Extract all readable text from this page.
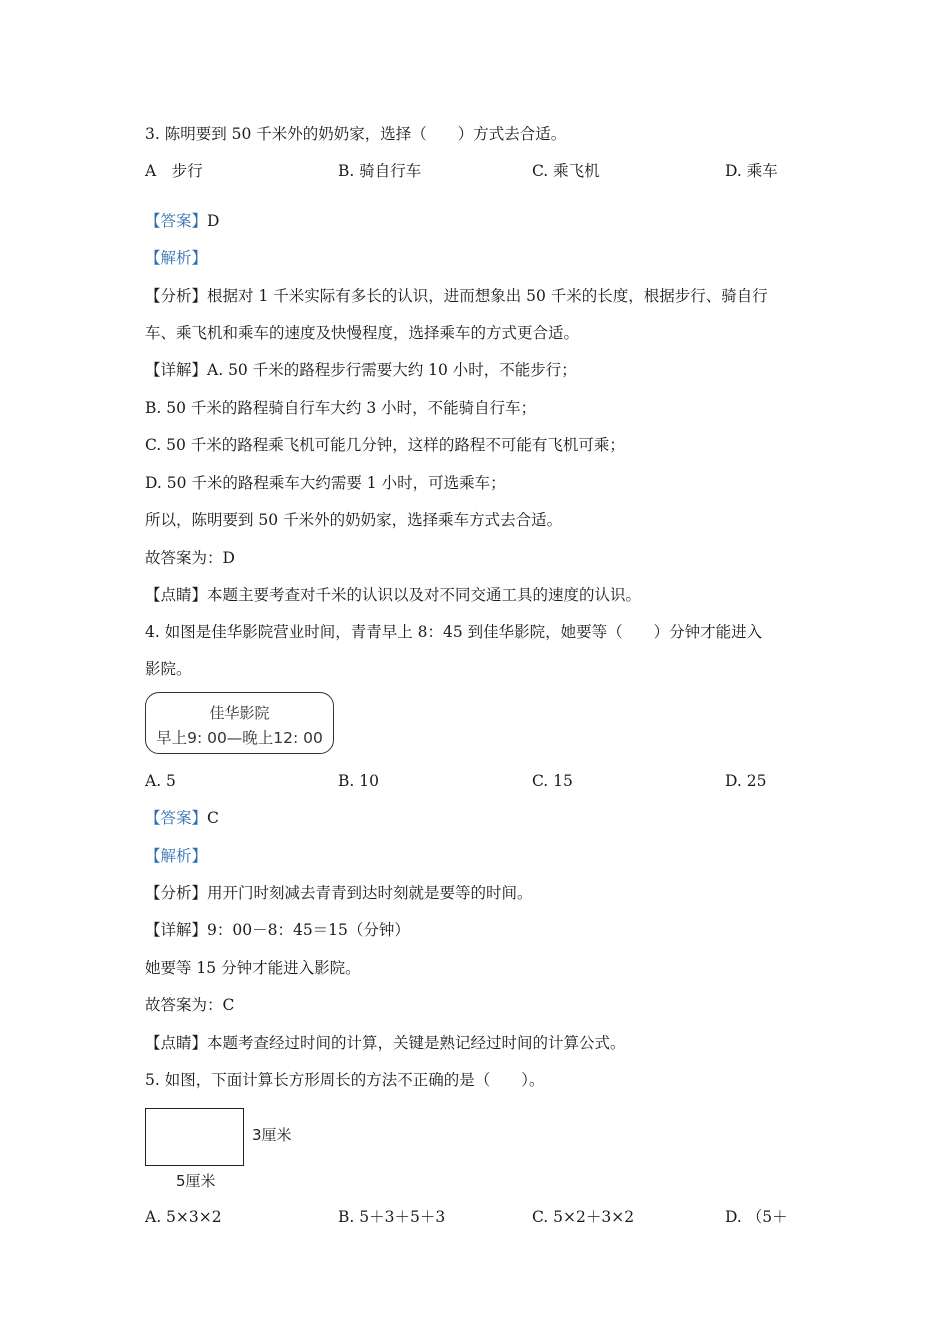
3. 陈明要到 50 千米外的奶奶家，选择（　　）方式去合适。
A　步行	B. 骑自行车	C. 乘飞机	D. 乘车
【答案】D
【解析】
【分析】根据对 1 千米实际有多长的认识，进而想象出 50 千米的长度，根据步行、骑自行
车、乘飞机和乘车的速度及快慢程度，选择乘车的方式更合适。
【详解】A. 50 千米的路程步行需要大约 10 小时，不能步行；
B. 50 千米的路程骑自行车大约 3 小时，不能骑自行车；
C. 50 千米的路程乘飞机可能几分钟，这样的路程不可能有飞机可乘；
D. 50 千米的路程乘车大约需要 1 小时，可选乘车；
所以，陈明要到 50 千米外的奶奶家，选择乘车方式去合适。
故答案为：D
【点睛】本题主要考查对千米的认识以及对不同交通工具的速度的认识。
4. 如图是佳华影院营业时间，青青早上 8：45 到佳华影院，她要等（　　）分钟才能进入
影院。
佳华影院
早上9: 00—晚上12: 00
A. 5	B. 10	C. 15	D. 25
【答案】C
【解析】
【分析】用开门时刻减去青青到达时刻就是要等的时间。
【详解】9：00－8：45＝15（分钟）
她要等 15 分钟才能进入影院。
故答案为：C
【点睛】本题考查经过时间的计算，关键是熟记经过时间的计算公式。
5. 如图，下面计算长方形周长的方法不正确的是（　　）。
3厘米
5厘米
A. 5×3×2	B. 5＋3＋5＋3	C. 5×2＋3×2	D. （5＋
